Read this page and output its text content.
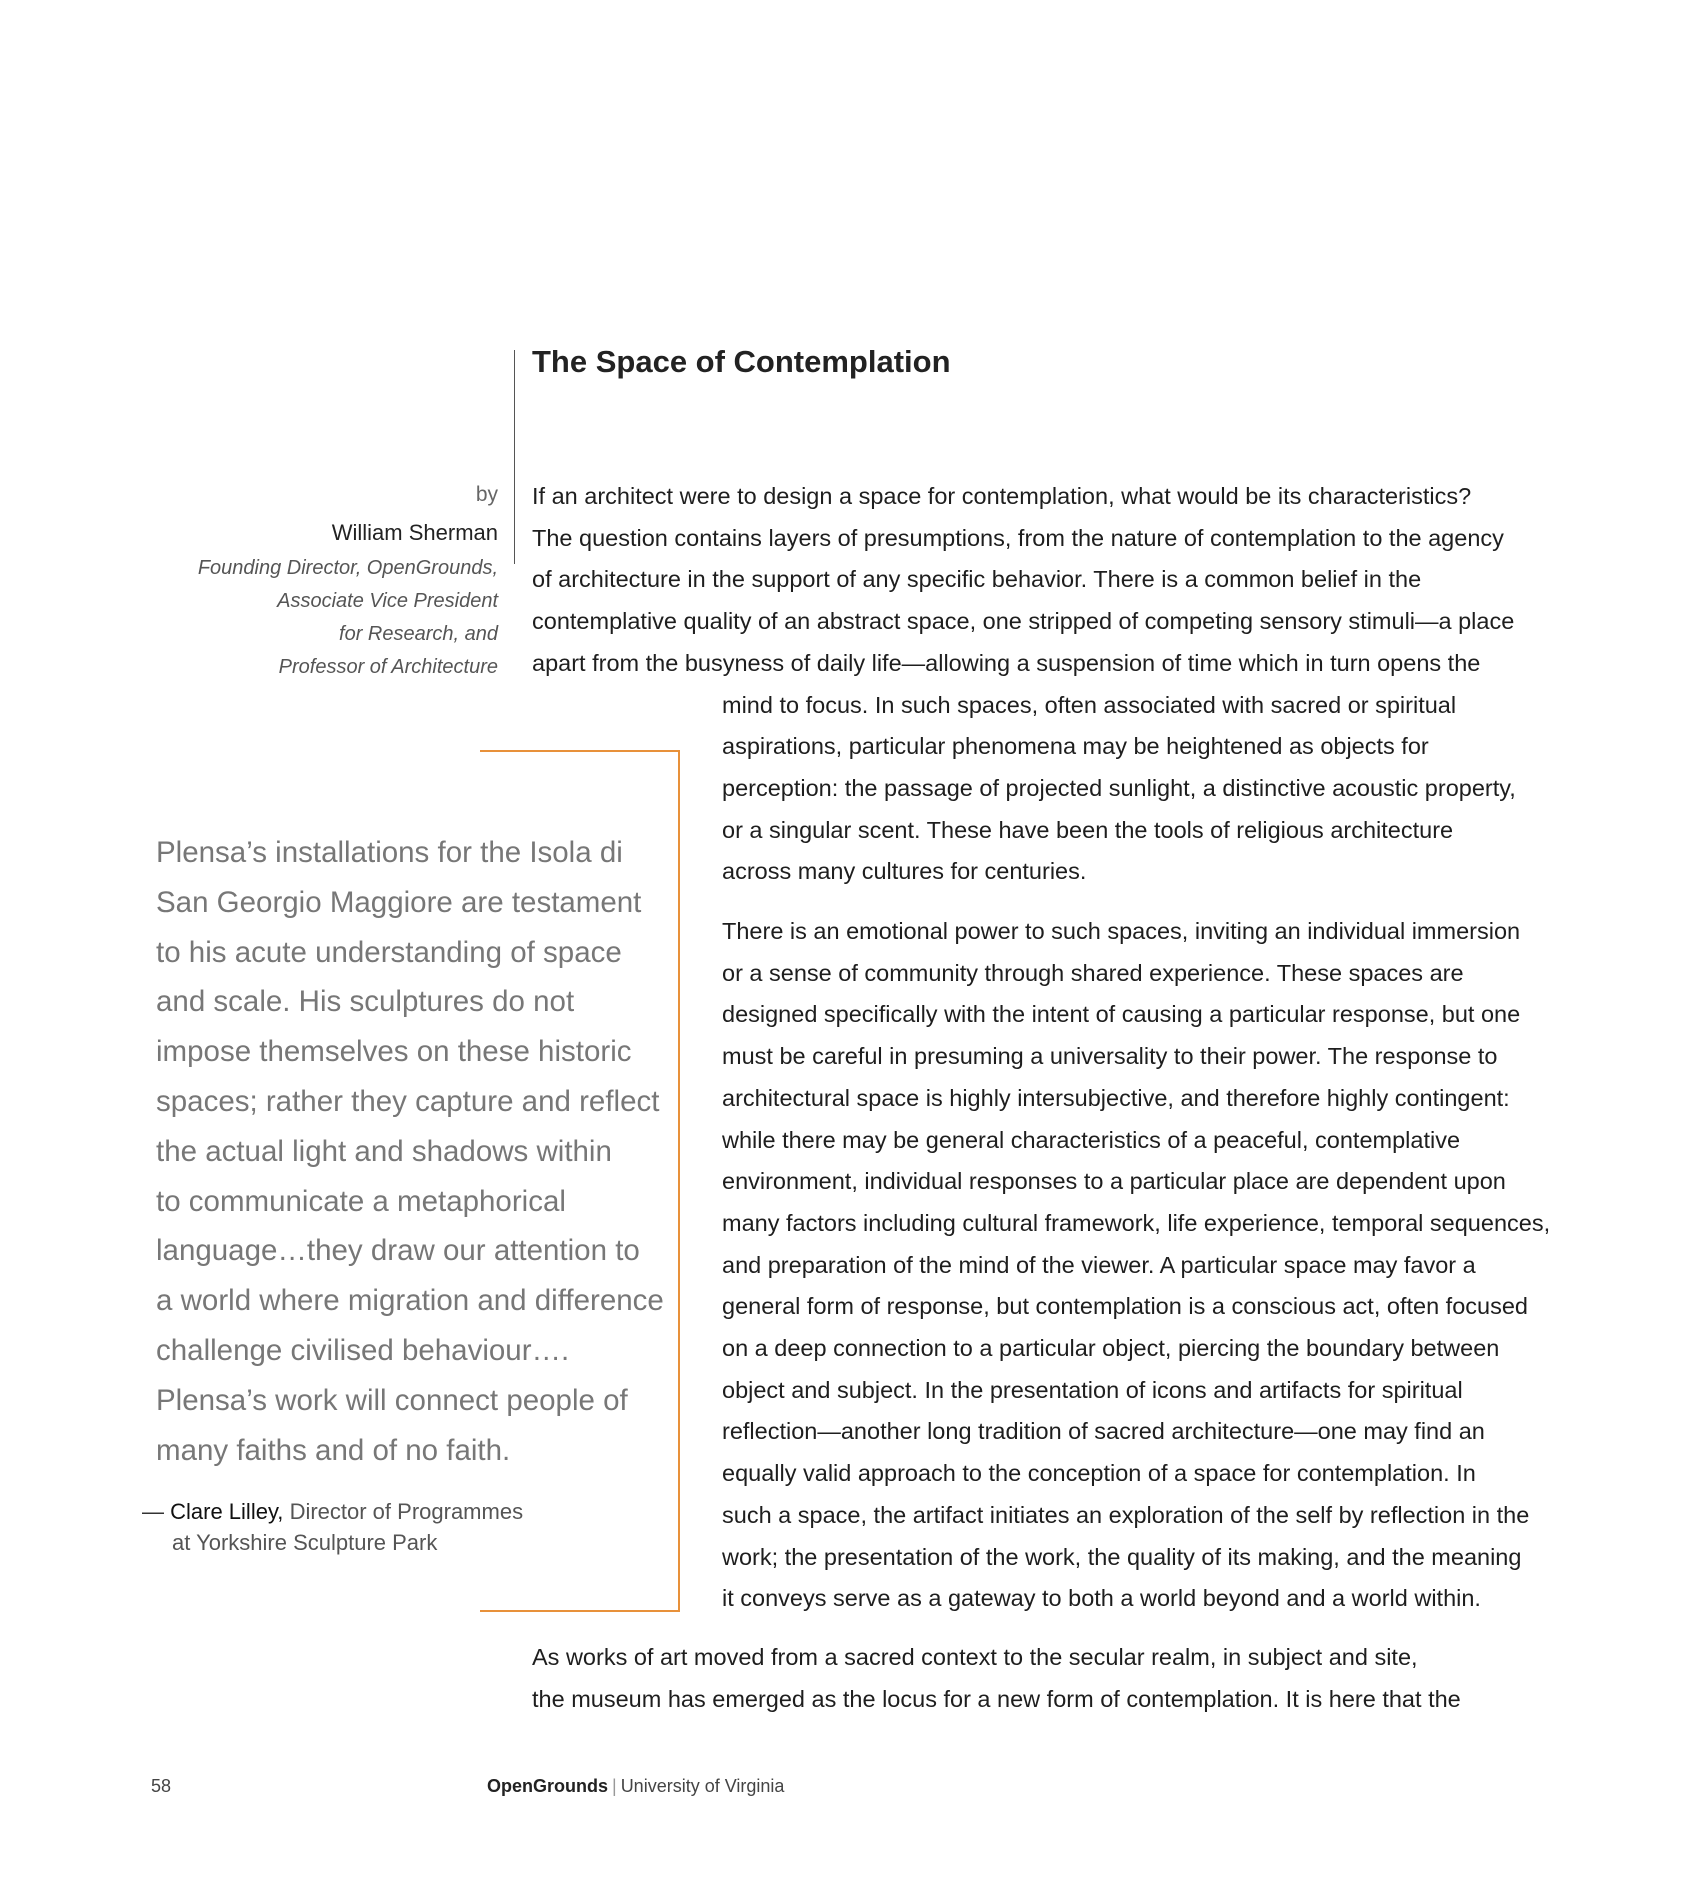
The Space of Contemplation
by
William Sherman
Founding Director, OpenGrounds,
Associate Vice President
for Research, and
Professor of Architecture
If an architect were to design a space for contemplation, what would be its characteristics?
The question contains layers of presumptions, from the nature of contemplation to the agency
of architecture in the support of any specific behavior. There is a common belief in the
contemplative quality of an abstract space, one stripped of competing sensory stimuli—a place
apart from the busyness of daily life—allowing a suspension of time which in turn opens the
mind to focus. In such spaces, often associated with sacred or spiritual
aspirations, particular phenomena may be heightened as objects for
perception: the passage of projected sunlight, a distinctive acoustic property,
or a singular scent. These have been the tools of religious architecture
across many cultures for centuries.
There is an emotional power to such spaces, inviting an individual immersion
or a sense of community through shared experience. These spaces are
designed specifically with the intent of causing a particular response, but one
must be careful in presuming a universality to their power. The response to
architectural space is highly intersubjective, and therefore highly contingent:
while there may be general characteristics of a peaceful, contemplative
environment, individual responses to a particular place are dependent upon
many factors including cultural framework, life experience, temporal sequences,
and preparation of the mind of the viewer. A particular space may favor a
general form of response, but contemplation is a conscious act, often focused
on a deep connection to a particular object, piercing the boundary between
object and subject. In the presentation of icons and artifacts for spiritual
reflection—another long tradition of sacred architecture—one may find an
equally valid approach to the conception of a space for contemplation. In
such a space, the artifact initiates an exploration of the self by reflection in the
work; the presentation of the work, the quality of its making, and the meaning
it conveys serve as a gateway to both a world beyond and a world within.
As works of art moved from a sacred context to the secular realm, in subject and site,
the museum has emerged as the locus for a new form of contemplation. It is here that the
Plensa’s installations for the Isola di
San Georgio Maggiore are testament
to his acute understanding of space
and scale. His sculptures do not
impose themselves on these historic
spaces; rather they capture and reflect
the actual light and shadows within
to communicate a metaphorical
language…they draw our attention to
a world where migration and difference
challenge civilised behaviour….
Plensa’s work will connect people of
many faiths and of no faith.
— Clare Lilley, Director of Programmes
at Yorkshire Sculpture Park
58	OpenGrounds | University of Virginia
